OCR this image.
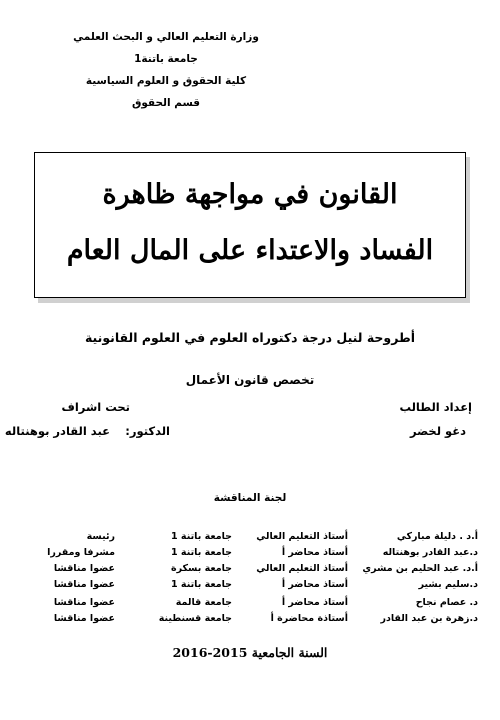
وزارة التعليم العالي و البحث العلمي
جامعة باتنة1
كلية الحقوق و العلوم السياسية
قسم الحقوق
القانون في مواجهة ظاهرة
الفساد والاعتداء على المال العام
أطروحة لنيل درجة دكتوراه العلوم في العلوم القانونية
تخصص قانون الأعمال
إعداد الطالب
دغو لخضر
تحت اشراف
الدكتور:
عبد القادر بوهنتاله
لجنة المناقشة
أ.د . دليلة مباركي
أستاذ التعليم العالي
جامعة باتنة 1
رئيسة
د.عبد القادر بوهنتاله
أستاذ محاضر أ
جامعة باتنة 1
مشرفا ومقررا
أ.د. عبد الحليم بن مشري
أستاذ التعليم العالي
جامعة بسكرة
عضوا مناقشا
د.سليم بشير
أستاذ محاضر أ
جامعة باتنة 1
عضوا مناقشا
د. عصام نجاح
أستاذ محاضر أ
جامعة قالمة
عضوا مناقشا
د.زهرة بن عبد القادر
أستاذة محاضرة أ
جامعة قسنطينة
عضوا مناقشا
السنة الجامعية 2015-2016
